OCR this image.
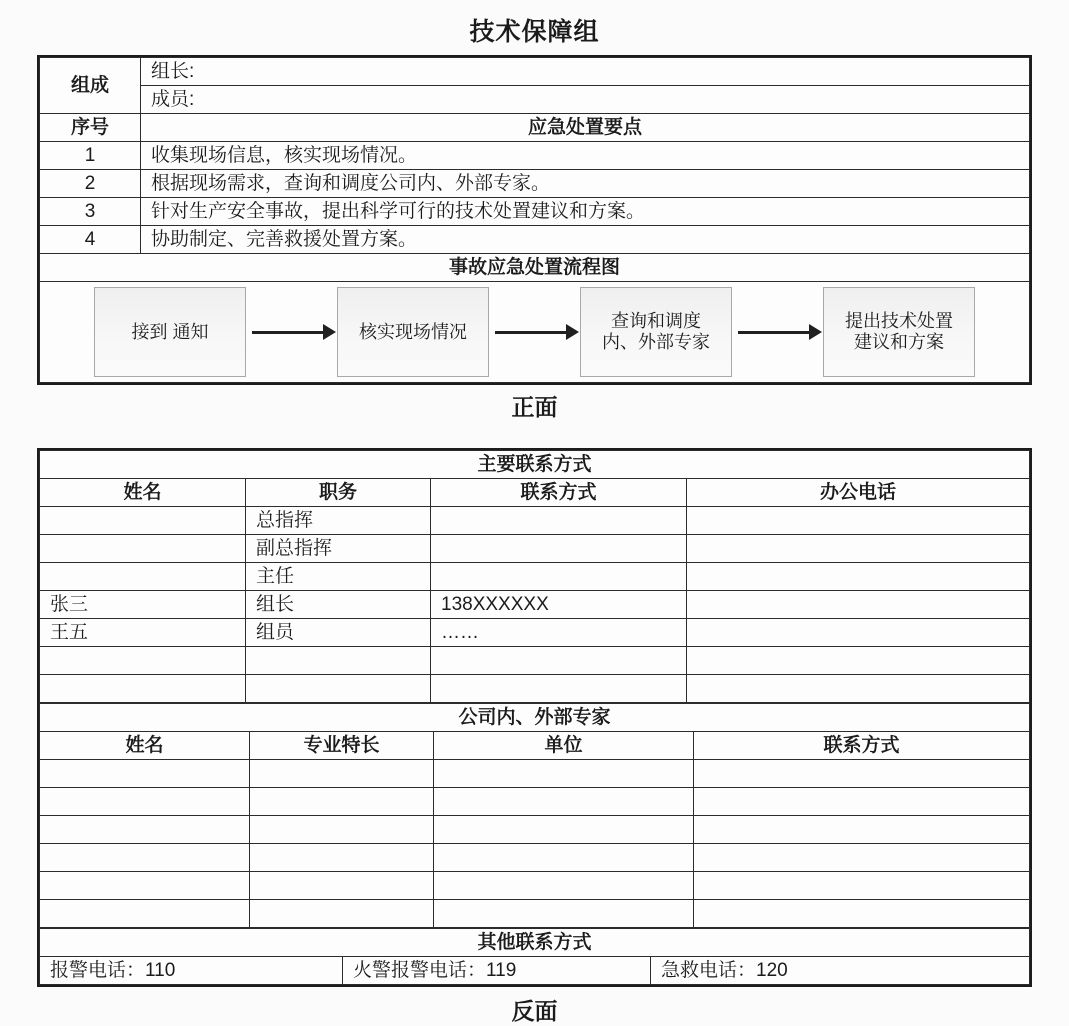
技术保障组
组成	组长:
	成员:
序号	应急处置要点
1	收集现场信息，核实现场情况。
2	根据现场需求，查询和调度公司内、外部专家。
3	针对生产安全事故，提出科学可行的技术处置建议和方案。
4	协助制定、完善救援处置方案。
事故应急处置流程图	

接到 通知	核实现场情况
查询和调度
内、外部专家
提出技术处置
建议和方案
正面
主要联系方式			
姓名	职务	联系方式	办公电话
	总指挥		
	副总指挥		
	主任		
张三	组长	138XXXXXX	
王五	组员	……	

公司内、外部专家			
姓名	专业特长	单位	联系方式

其他联系方式
报警电话：110	火警报警电话：119	急救电话：120
反面
